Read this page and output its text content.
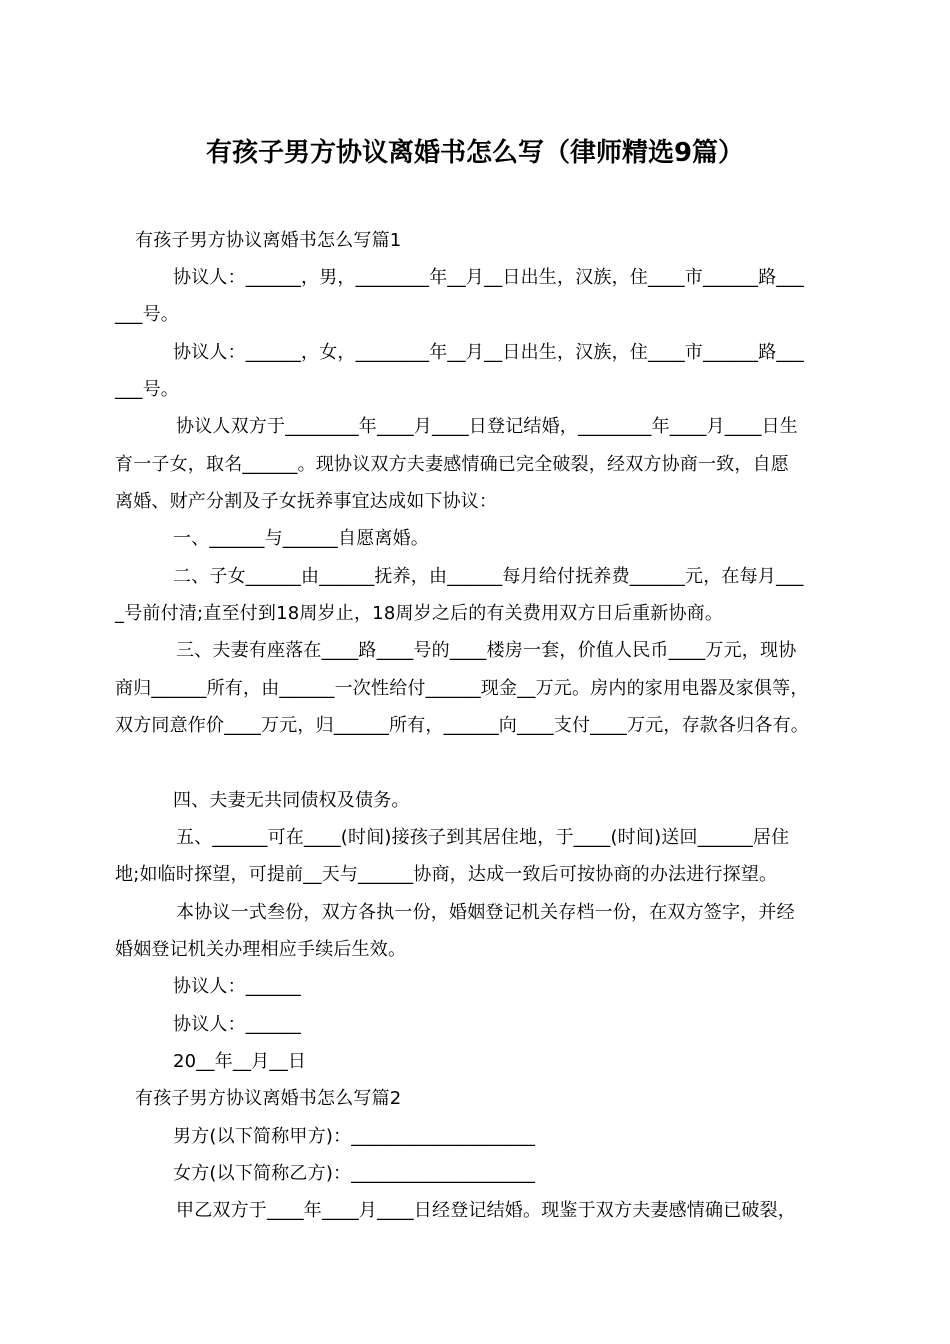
有孩子男方协议离婚书怎么写（律师精选9篇）
有孩子男方协议离婚书怎么写篇1
协议人：______，男，________年__月__日出生，汉族，住____市______路___
___号。
协议人：______，女，________年__月__日出生，汉族，住____市______路___
___号。
协议人双方于________年____月____日登记结婚，________年____月____日生
育一子女，取名______。现协议双方夫妻感情确已完全破裂，经双方协商一致，自愿
离婚、财产分割及子女抚养事宜达成如下协议：
一、______与______自愿离婚。
二、子女______由______抚养，由______每月给付抚养费______元，在每月___
_号前付清;直至付到18周岁止，18周岁之后的有关费用双方日后重新协商。
三、夫妻有座落在____路____号的____楼房一套，价值人民币____万元，现协
商归______所有，由______一次性给付______现金__万元。房内的家用电器及家俱等，
双方同意作价____万元，归______所有，______向____支付____万元，存款各归各有。
四、夫妻无共同债权及债务。
五、______可在____(时间)接孩子到其居住地，于____(时间)送回______居住
地;如临时探望，可提前__天与______协商，达成一致后可按协商的办法进行探望。
本协议一式叁份，双方各执一份，婚姻登记机关存档一份，在双方签字，并经
婚姻登记机关办理相应手续后生效。
协议人：______
协议人：______
20__年__月__日
有孩子男方协议离婚书怎么写篇2
男方(以下简称甲方)：____________________
女方(以下简称乙方)：____________________
甲乙双方于____年____月____日经登记结婚。现鉴于双方夫妻感情确已破裂，
